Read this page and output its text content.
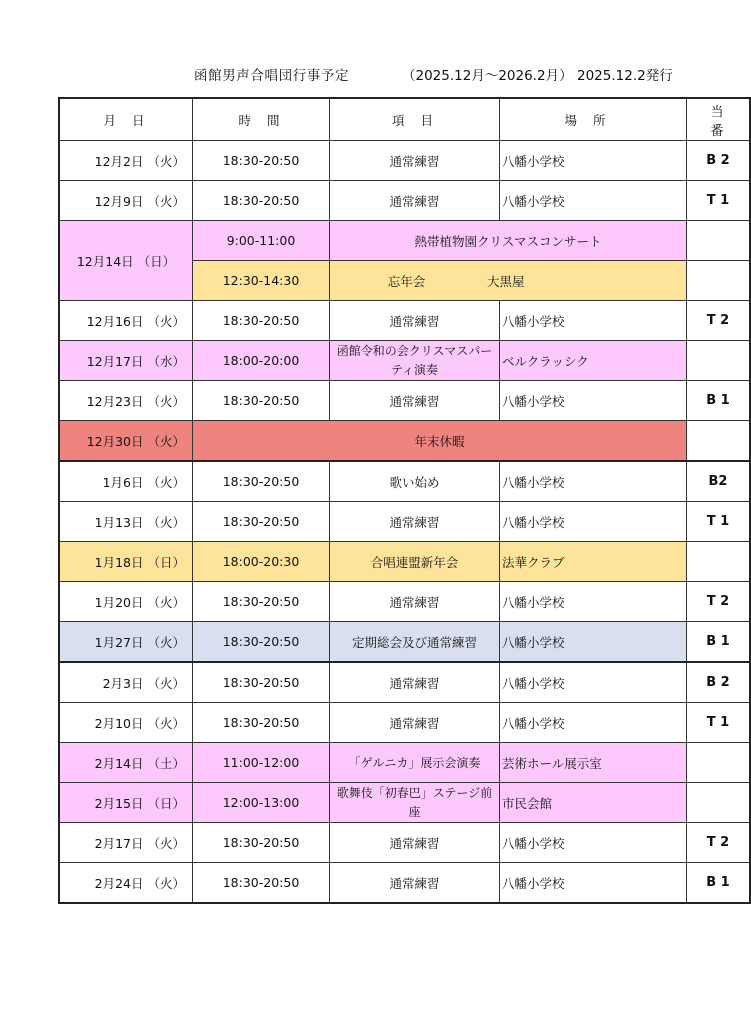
函館男声合唱団行事予定	（2025.12月～2026.2月） 2025.12.2発行
月日	時間	項目	場所	当番
12月2日 （火）	18:30-20:50	通常練習	八幡小学校	B 2
12月9日 （火）	18:30-20:50	通常練習	八幡小学校	T 1
12月14日 （日）	9:00-11:00	熱帯植物園クリスマスコンサート		
	12:30-14:30	忘年会 大黒屋		

12月16日 （火）	18:30-20:50	通常練習	八幡小学校	T 2
12月17日 （水）	18:00-20:00	函館令和の会クリスマスパーティ演奏	ベルクラッシク	
12月23日 （火）	18:30-20:50	通常練習	八幡小学校	B 1
12月30日 （火）	年末休暇			
1月6日 （火）	18:30-20:50	歌い始め	八幡小学校	B2
1月13日 （火）	18:30-20:50	通常練習	八幡小学校	T 1
1月18日 （日）	18:00-20:30	合唱連盟新年会	法華クラブ	
1月20日 （火）	18:30-20:50	通常練習	八幡小学校	T 2
1月27日 （火）	18:30-20:50	定期総会及び通常練習	八幡小学校	B 1
2月3日 （火）	18:30-20:50	通常練習	八幡小学校	B 2
2月10日 （火）	18:30-20:50	通常練習	八幡小学校	T 1
2月14日 （土）	11:00-12:00	「ゲルニカ」展示会演奏	芸術ホール展示室	
2月15日 （日）	12:00-13:00	歌舞伎「初春巴」ステージ前座	市民会館	
2月17日 （火）	18:30-20:50	通常練習	八幡小学校	T 2
2月24日 （火）	18:30-20:50	通常練習	八幡小学校	B 1
